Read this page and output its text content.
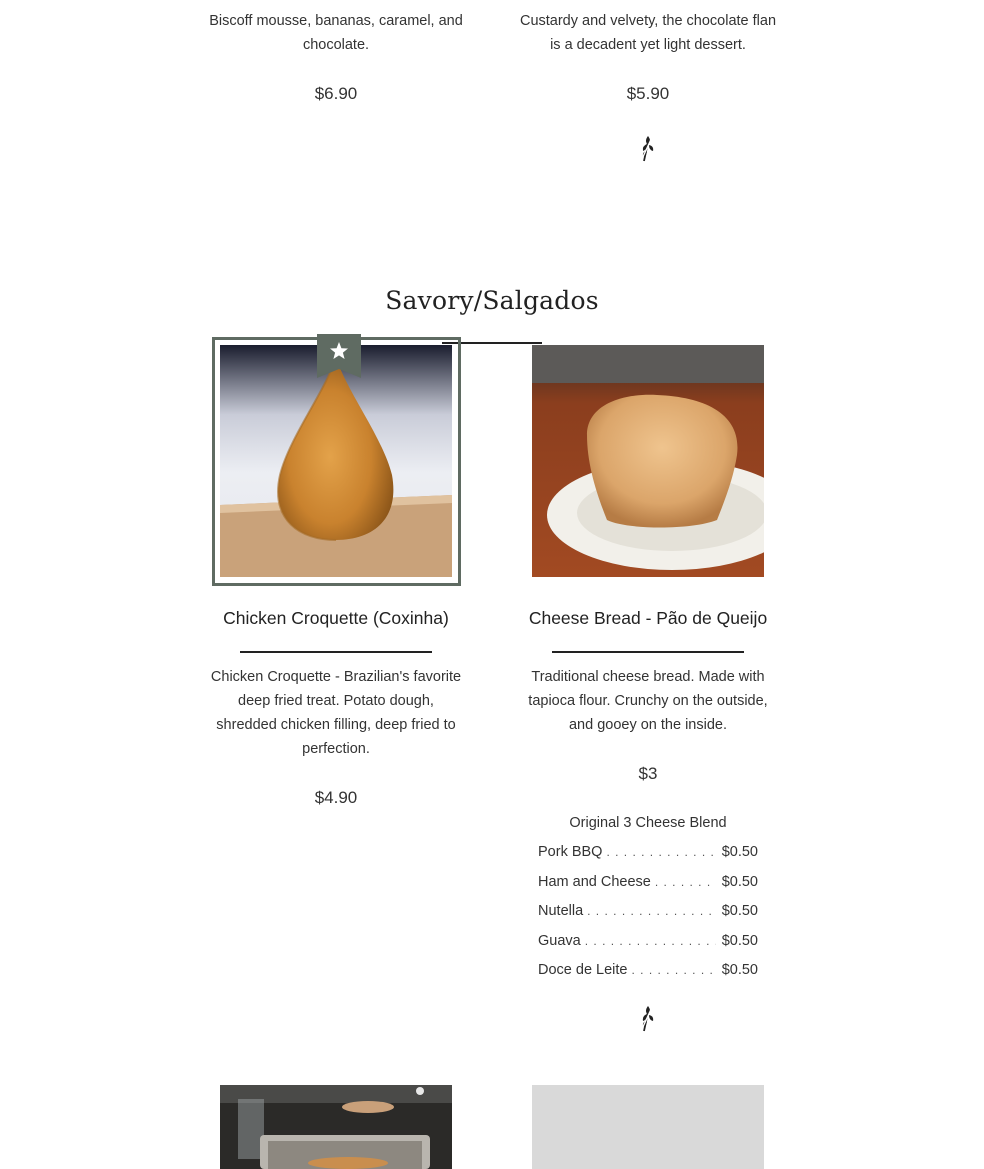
Biscoff mousse, bananas, caramel, and chocolate.
$6.90
Custardy and velvety, the chocolate flan is a decadent yet light dessert.
$5.90
Savory/Salgados
Chicken Croquette (Coxinha)
Chicken Croquette - Brazilian's favorite deep fried treat. Potato dough, shredded chicken filling, deep fried to perfection.
$4.90
Cheese Bread - Pão de Queijo
Traditional cheese bread. Made with tapioca flour. Crunchy on the outside, and gooey on the inside.
$3
Original 3 Cheese Blend
Pork BBQ . . .	$0.50
Ham and Cheese . . .	$0.50
Nutella . . .	$0.50
Guava . . .	$0.50
Doce de Leite . . .	$0.50
